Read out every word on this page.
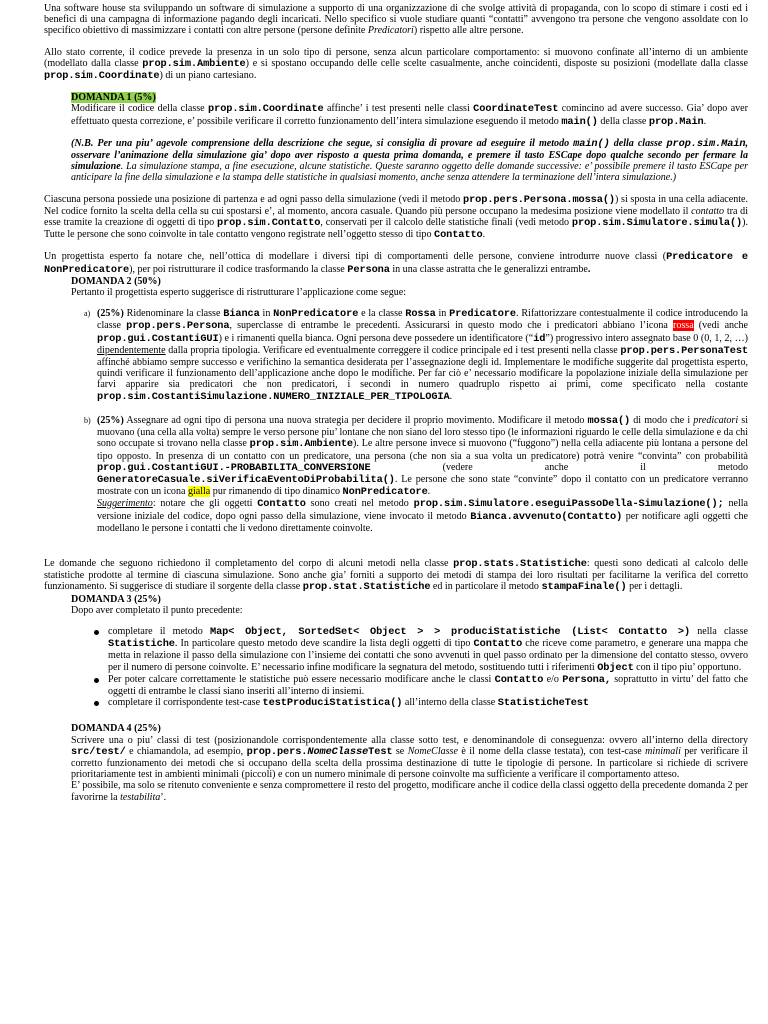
Una software house sta sviluppando un software di simulazione a supporto di una organizzazione di che svolge attività di propaganda, con lo scopo di stimare i costi ed i benefici di una campagna di informazione pagando degli incaricati. Nello specifico si vuole studiare quanti “contatti” avvengono tra persone che vengono assoldate con lo specifico obiettivo di massimizzare i contatti con altre persone (persone definite Predicatori) rispetto alle altre persone.

Allo stato corrente, il codice prevede la presenza in un solo tipo di persone, senza alcun particolare comportamento: si muovono confinate all’interno di un ambiente (modellato dalla classe prop.sim.Ambiente) e si spostano occupando delle celle scelte casualmente, anche coincidenti, disposte su posizioni (modellate dalla classe prop.sim.Coordinate) di un piano cartesiano.

DOMANDA 1 (5%)

Modificare il codice della classe prop.sim.Coordinate affinche’ i test presenti nelle classi CoordinateTest comincino ad avere successo. Gia’ dopo aver effettuato questa correzione, e’ possibile verificare il corretto funzionamento dell’intera simulazione eseguendo il metodo main() della classe prop.Main.

(N.B. Per una piu’ agevole comprensione della descrizione che segue, si consiglia di provare ad eseguire il metodo main() della classe prop.sim.Main, osservare l’animazione della simulazione gia’ dopo aver risposto a questa prima domanda, e premere il tasto ESCape dopo qualche secondo per fermare la simulazione. La simulazione stampa, a fine esecuzione, alcune statistiche. Queste saranno oggetto delle domande successive: e’ possibile premere il tasto ESCape per anticipare la fine della simulazione e la stampa delle statistiche in qualsiasi momento, anche senza attendere la terminazione dell’intera simulazione.)

Ciascuna persona possiede una posizione di partenza e ad ogni passo della simulazione (vedi il metodo prop.pers.Persona.mossa()) si sposta in una cella adiacente. Nel codice fornito la scelta della cella su cui spostarsi e’, al momento, ancora casuale. Quando più persone occupano la medesima posizione viene modellato il contatto tra di esse tramite la creazione di oggetti di tipo prop.sim.Contatto, conservati per il calcolo delle statistiche finali (vedi metodo prop.sim.Simulatore.simula()). Tutte le persone che sono coinvolte in tale contatto vengono registrate nell’oggetto stesso di tipo Contatto.

Un progettista esperto fa notare che, nell’ottica di modellare i diversi tipi di comportamenti delle persone, conviene introdurre nuove classi (Predicatore e NonPredicatore), per poi ristrutturare il codice trasformando la classe Persona in una classe astratta che le generalizzi entrambe.

DOMANDA 2 (50%)

Pertanto il progettista esperto suggerisce di ristrutturare l’applicazione come segue:

a) (25%) Ridenominare la classe Bianca in NonPredicatore e la classe Rossa in Predicatore. Rifattorizzare contestualmente il codice introducendo la classe prop.pers.Persona, superclasse di entrambe le precedenti. Assicurarsi in questo modo che i predicatori abbiano l’icona rossa (vedi anche prop.gui.CostantiGUI) e i rimanenti quella bianca. Ogni persona deve possedere un identificatore (“id”) progressivo intero assegnato base 0 (0, 1, 2, …) dipendentemente dalla propria tipologia. Verificare ed eventualmente correggere il codice principale ed i test presenti nella classe prop.pers.PersonaTest affinché abbiamo sempre successo e verifichino la semantica desiderata per l’assegnazione degli id. Implementare le modifiche suggerite dal progettista esperto, quindi verificare il funzionamento dell’applicazione anche dopo le modifiche. Per far ciò e’ necessario modificare la popolazione iniziale della simulazione per farvi apparire sia predicatori che non predicatori, i secondi in numero quadruplo rispetto ai primi, come specificato nella costante prop.sim.CostantiSimulazione.NUMERO_INIZIALE_PER_TIPOLOGIA.

b) (25%) Assegnare ad ogni tipo di persona una nuova strategia per decidere il proprio movimento. Modificare il metodo mossa() di modo che i predicatori si muovano (una cella alla volta) sempre le verso persone piu’ lontane che non siano del loro stesso tipo (le informazioni riguardo le celle della simulazione e da chi sono occupate si trovano nella classe prop.sim.Ambiente). Le altre persone invece si muovono (“fuggono”) nella cella adiacente più lontana a persone del tipo opposto. In presenza di un contatto con un predicatore, una persona (che non sia a sua volta un predicatore) potrà venire “convinta” con probabilità prop.gui.CostantiGUI.-PROBABILITA_CONVERSIONE (vedere anche il metodo GeneratoreCasuale.siVerificaEventoDiProbabilita(). Le persone che sono state “convinte” dopo il contatto con un predicatore verranno mostrate con un icona gialla pur rimanendo di tipo dinamico NonPredicatore.

Suggerimento: notare che gli oggetti Contatto sono creati nel metodo prop.sim.Simulatore.eseguiPassoDella-Simulazione(); nella versione iniziale del codice, dopo ogni passo della simulazione, viene invocato il metodo Bianca.avvenuto(Contatto) per notificare agli oggetti che modellano le persone i contatti che li vedono direttamente coinvolte.

Le domande che seguono richiedono il completamento del corpo di alcuni metodi nella classe prop.stats.Statistiche: questi sono dedicati al calcolo delle statistiche prodotte al termine di ciascuna simulazione. Sono anche gia’ forniti a supporto dei metodi di stampa dei loro risultati per facilitarne la verifica del corretto funzionamento. Si suggerisce di studiare il sorgente della classe prop.stat.Statistiche ed in particolare il metodo stampaFinale() per i dettagli.

DOMANDA 3 (25%)

Dopo aver completato il punto precedente:

completare il metodo Map< Object, SortedSet< Object > > produciStatistiche (List< Contatto >) nella classe Statistiche. In particolare questo metodo deve scandire la lista degli oggetti di tipo Contatto che riceve come parametro, e generare una mappa che metta in relazione il passo della simulazione con l’insieme dei contatti che sono avvenuti in quel passo ordinato per la dimensione del contatto stesso, ovvero per il numero di persone coinvolte. E’ necessario infine modificare la segnatura del metodo, sostituendo tutti i riferimenti Object con il tipo piu’ opportuno.

Per poter calcare correttamente le statistiche può essere necessario modificare anche le classi Contatto e/o Persona, soprattutto in virtu’ del fatto che oggetti di entrambe le classi siano inseriti all’interno di insiemi.

completare il corrispondente test-case testProduciStatistica() all’interno della classe StatisticheTest

DOMANDA 4 (25%)

Scrivere una o piu’ classi di test (posizionandole corrispondentemente alla classe sotto test, e denominandole di conseguenza: ovvero all’interno della directory src/test/ e chiamandola, ad esempio, prop.pers.NomeClasseTest se NomeClasse è il nome della classe testata), con test-case minimali per verificare il corretto funzionamento dei metodi che si occupano della scelta della prossima destinazione di tutte le tipologie di persone. In particolare si richiede di scrivere prioritariamente test in ambienti minimali (piccoli) e con un numero minimale di persone coinvolte ma sufficiente a verificare il comportamento atteso.

E’ possibile, ma solo se ritenuto conveniente e senza compromettere il resto del progetto, modificare anche il codice della classi oggetto della precedente domanda 2 per favorirne la testabilita’.
